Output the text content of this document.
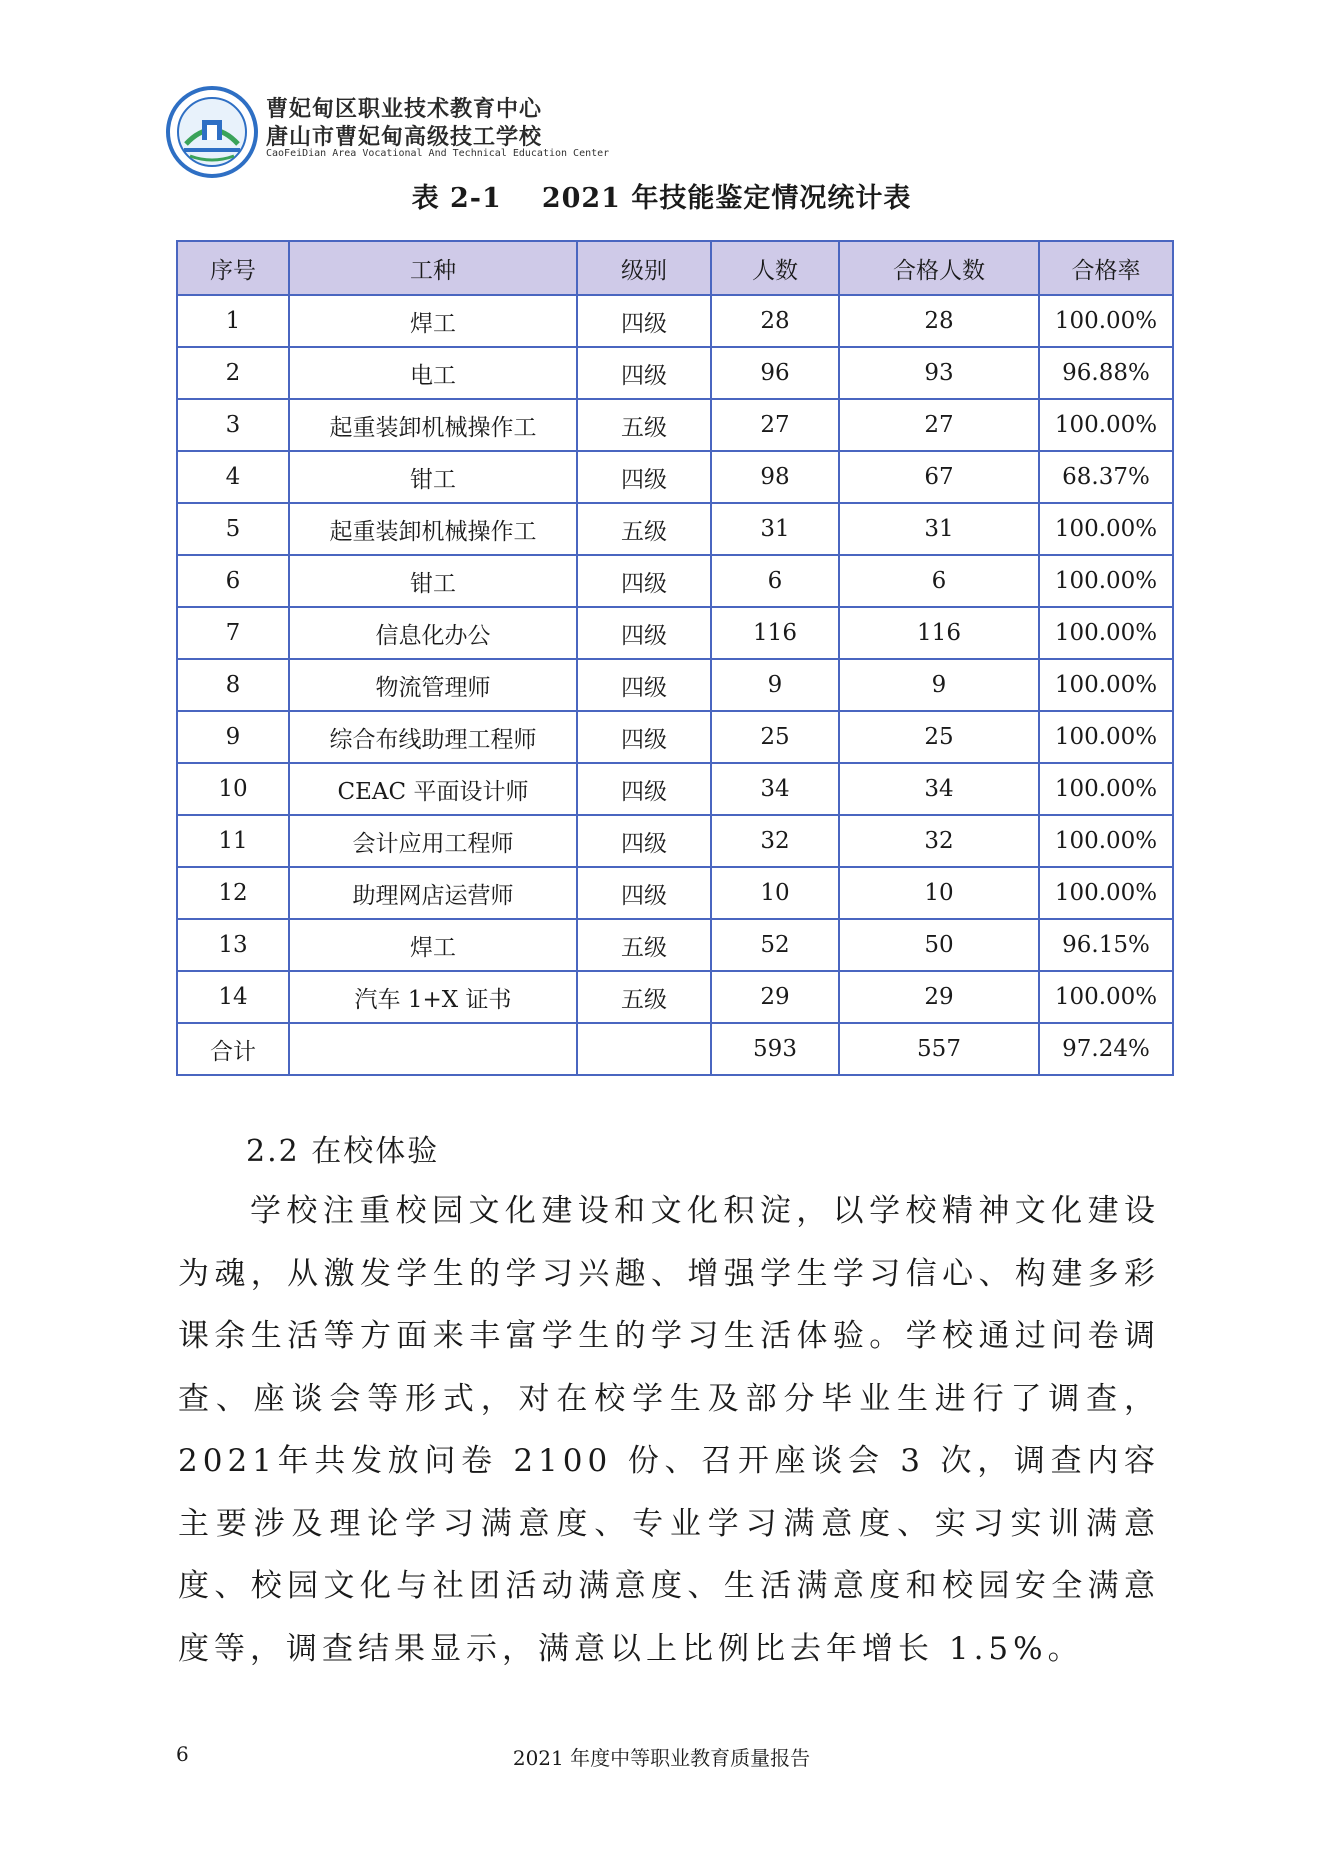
曹妃甸区职业技术教育中心
唐山市曹妃甸高级技工学校
CaoFeiDian Area Vocational And Technical Education Center
表 2-1 2021 年技能鉴定情况统计表
序号	工种	级别	人数	合格人数	合格率
1	焊工	四级	28	28	100.00%
2	电工	四级	96	93	96.88%
3	起重装卸机械操作工	五级	27	27	100.00%
4	钳工	四级	98	67	68.37%
5	起重装卸机械操作工	五级	31	31	100.00%
6	钳工	四级	6	6	100.00%
7	信息化办公	四级	116	116	100.00%
8	物流管理师	四级	9	9	100.00%
9	综合布线助理工程师	四级	25	25	100.00%
10	CEAC 平面设计师	四级	34	34	100.00%
11	会计应用工程师	四级	32	32	100.00%
12	助理网店运营师	四级	10	10	100.00%
13	焊工	五级	52	50	96.15%
14	汽车 1+X 证书	五级	29	29	100.00%
合计			593	557	97.24%
2.2 在校体验

学校注重校园文化建设和文化积淀，以学校精神文化建设为魂，从激发学生的学习兴趣、增强学生学习信心、构建多彩课余生活等方面来丰富学生的学习生活体验。学校通过问卷调查、座谈会等形式，对在校学生及部分毕业生进行了调查，2021年共发放问卷 2100 份、召开座谈会 3 次，调查内容主要涉及理论学习满意度、专业学习满意度、实习实训满意度、校园文化与社团活动满意度、生活满意度和校园安全满意度等，调查结果显示，满意以上比例比去年增长 1.5%。

6	2021 年度中等职业教育质量报告
